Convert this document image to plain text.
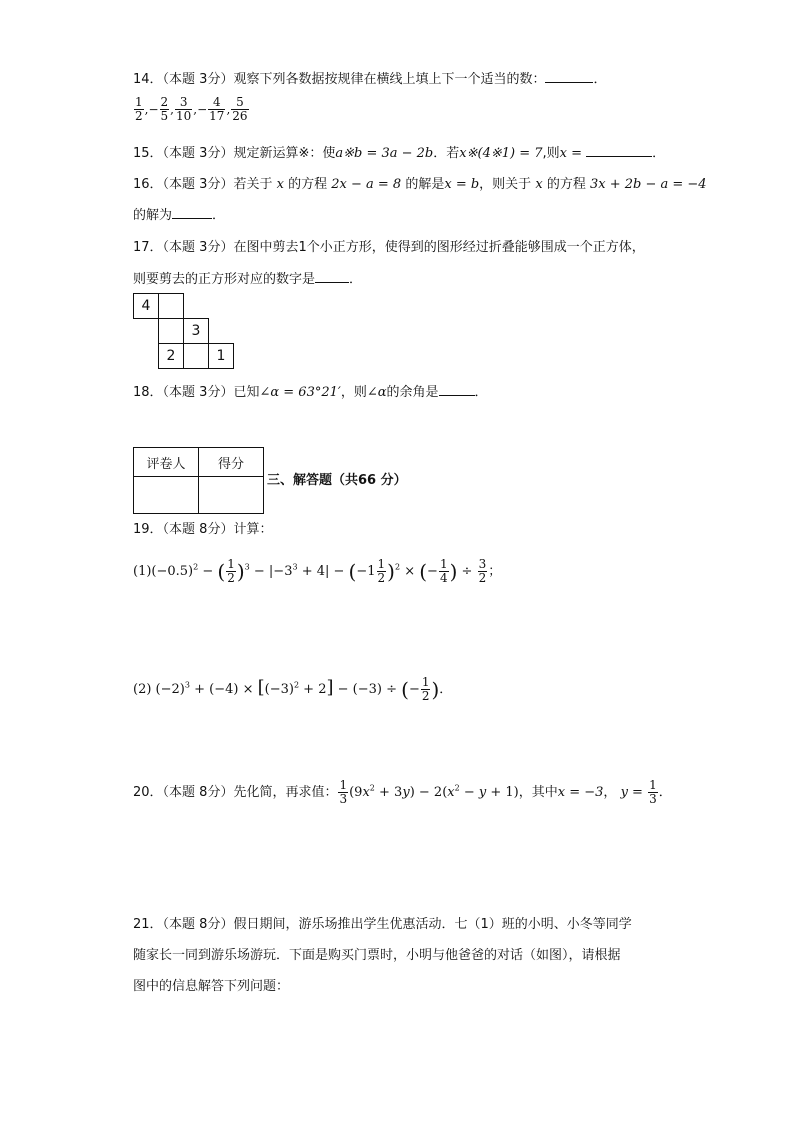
14．（本题 3分）观察下列各数据按规律在横线上填上下一个适当的数：	．
$\frac{1}{2}$ ,− $\frac{2}{5}$ , $\frac{3}{10}$ ,− $\frac{4}{17}$ , $\frac{5}{26}$
15．（本题 3分）规定新运算※：使a※b = 3a − 2b．若x※(4※1) = 7,则x =	．
16．（本题 3分）若关于 x 的方程 2x − a = 8 的解是x = b，则关于 x 的方程 3x + 2b − a = −4
的解为	．
17．（本题 3分）在图中剪去1个小正方形，使得到的图形经过折叠能够围成一个正方体，
则要剪去的正方形对应的数字是	．
4			
		3	
	2		1
18．（本题 3分）已知∠α = 63°21′，则∠α的余角是	．
评卷人	得分

三、解答题（共66 分）
19．（本题 8分）计算：
$(1)(-0.5)^2$ − ( $\frac{1}{2} )^3 - |-3^3 + 4| - (-1 \frac{1}{2} )^2$ × (− $\frac{1}{4}$ ) ÷ $\frac{3}{2}$ ；
(2) $(-2)^3 + (-4) \times [(-3)^2 + 2] - (-3)$ ÷ (− $\frac{1}{2}$ )．
20．（本题 8分）先化简，再求值： $\frac{1}{3} (9x^2 + 3y) - 2(x^2 - y + 1)$，其中x = −3， $y = \frac{1}{3}$ ．
21．（本题 8分）假日期间，游乐场推出学生优惠活动．七（1）班的小明、小冬等同学
随家长一同到游乐场游玩．下面是购买门票时，小明与他爸爸的对话（如图），请根据
图中的信息解答下列问题：
